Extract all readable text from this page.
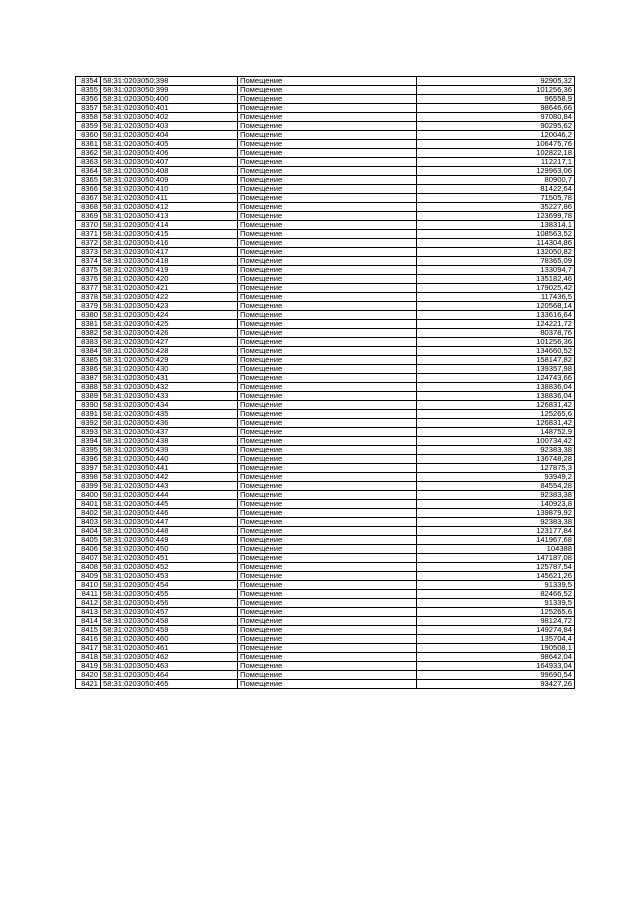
8354	58:31:0203050:398	Помещение	92905,32
8355	58:31:0203050:399	Помещение	101256,36
8356	58:31:0203050:400	Помещение	96558,9
8357	58:31:0203050:401	Помещение	98646,66
8358	58:31:0203050:402	Помещение	97080,84
8359	58:31:0203050:403	Помещение	90295,62
8360	58:31:0203050:404	Помещение	120046,2
8361	58:31:0203050:405	Помещение	106475,76
8362	58:31:0203050:406	Помещение	102822,18
8363	58:31:0203050:407	Помещение	112217,1
8364	58:31:0203050:408	Помещение	129963,06
8365	58:31:0203050:409	Помещение	80900,7
8366	58:31:0203050:410	Помещение	81422,64
8367	58:31:0203050:411	Помещение	71505,78
8368	58:31:0203050:412	Помещение	35227,86
8369	58:31:0203050:413	Помещение	123699,78
8370	58:31:0203050:414	Помещение	138314,1
8371	58:31:0203050:415	Помещение	108563,52
8372	58:31:0203050:416	Помещение	114304,86
8373	58:31:0203050:417	Помещение	132050,82
8374	58:31:0203050:418	Помещение	78365,09
8375	58:31:0203050:419	Помещение	133094,7
8376	58:31:0203050:420	Помещение	135182,46
8377	58:31:0203050:421	Помещение	179025,42
8378	58:31:0203050:422	Помещение	117436,5
8379	58:31:0203050:423	Помещение	120568,14
8380	58:31:0203050:424	Помещение	133616,64
8381	58:31:0203050:425	Помещение	124221,72
8382	58:31:0203050:426	Помещение	80378,76
8383	58:31:0203050:427	Помещение	101256,36
8384	58:31:0203050:428	Помещение	134660,52
8385	58:31:0203050:429	Помещение	158147,82
8386	58:31:0203050:430	Помещение	139357,98
8387	58:31:0203050:431	Помещение	124743,66
8388	58:31:0203050:432	Помещение	138836,04
8389	58:31:0203050:433	Помещение	138836,04
8390	58:31:0203050:434	Помещение	126831,42
8391	58:31:0203050:435	Помещение	125265,6
8392	58:31:0203050:436	Помещение	126831,42
8393	58:31:0203050:437	Помещение	148752,9
8394	58:31:0203050:438	Помещение	100734,42
8395	58:31:0203050:439	Помещение	92383,38
8396	58:31:0203050:440	Помещение	136748,28
8397	58:31:0203050:441	Помещение	127875,3
8398	58:31:0203050:442	Помещение	93949,2
8399	58:31:0203050:443	Помещение	84554,28
8400	58:31:0203050:444	Помещение	92383,38
8401	58:31:0203050:445	Помещение	140923,8
8402	58:31:0203050:446	Помещение	139879,92
8403	58:31:0203050:447	Помещение	92383,38
8404	58:31:0203050:448	Помещение	123177,84
8405	58:31:0203050:449	Помещение	141967,68
8406	58:31:0203050:450	Помещение	104388
8407	58:31:0203050:451	Помещение	147187,08
8408	58:31:0203050:452	Помещение	125787,54
8409	58:31:0203050:453	Помещение	145621,26
8410	58:31:0203050:454	Помещение	91339,5
8411	58:31:0203050:455	Помещение	82466,52
8412	58:31:0203050:456	Помещение	91339,5
8413	58:31:0203050:457	Помещение	125265,6
8414	58:31:0203050:458	Помещение	98124,72
8415	58:31:0203050:459	Помещение	149274,84
8416	58:31:0203050:460	Помещение	135704,4
8417	58:31:0203050:461	Помещение	190508,1
8418	58:31:0203050:462	Помещение	98642,04
8419	58:31:0203050:463	Помещение	164933,04
8420	58:31:0203050:464	Помещение	99690,54
8421	58:31:0203050:465	Помещение	93427,26
